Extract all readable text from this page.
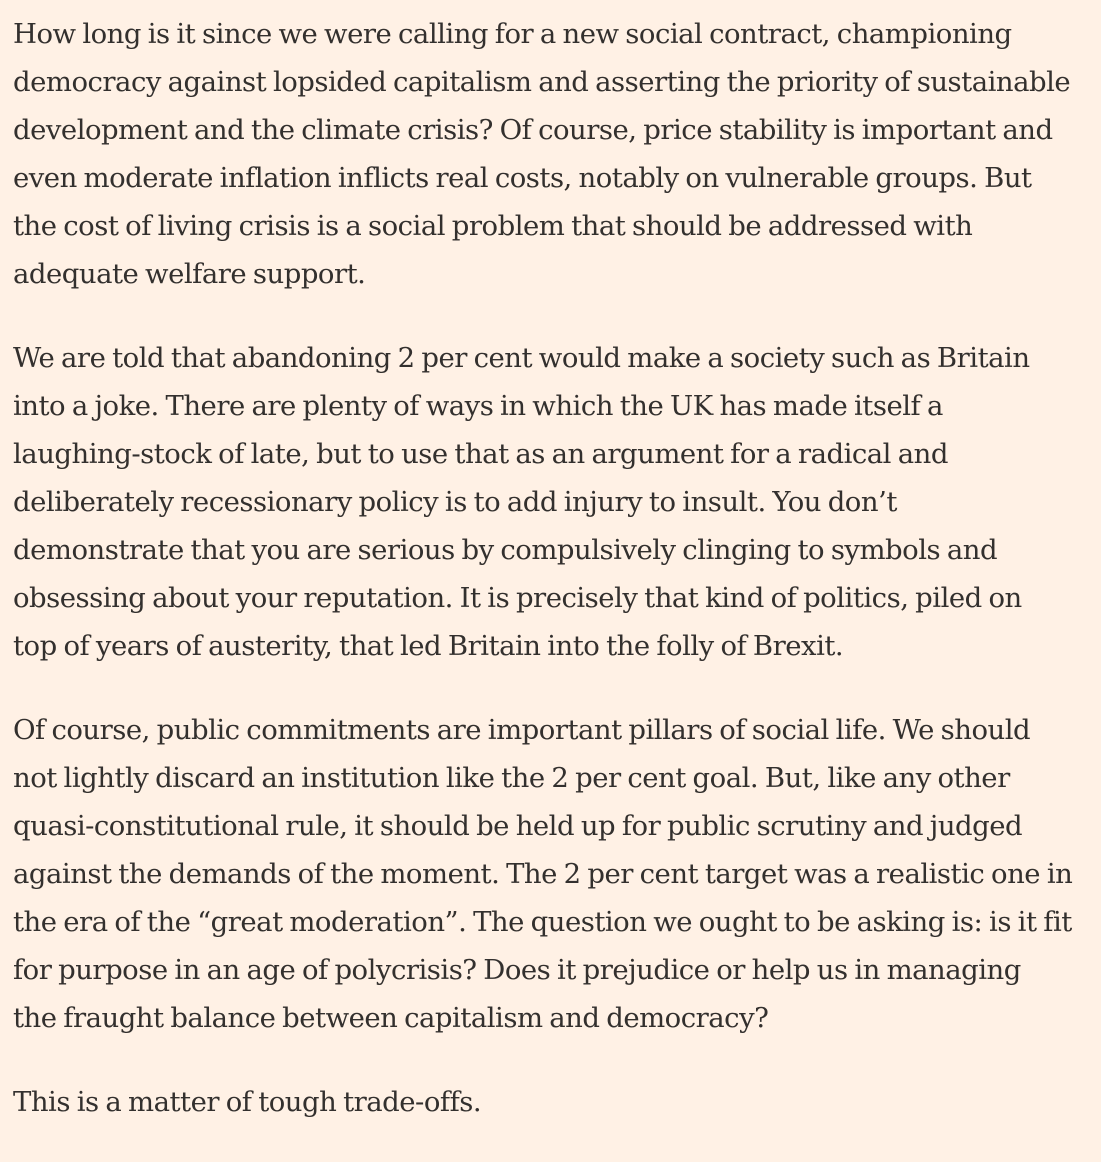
How long is it since we were calling for a new social contract, championing
democracy against lopsided capitalism and asserting the priority of sustainable
development and the climate crisis? Of course, price stability is important and
even moderate inflation inflicts real costs, notably on vulnerable groups. But
the cost of living crisis is a social problem that should be addressed with
adequate welfare support.

We are told that abandoning 2 per cent would make a society such as Britain
into a joke. There are plenty of ways in which the UK has made itself a
laughing-stock of late, but to use that as an argument for a radical and
deliberately recessionary policy is to add injury to insult. You don’t
demonstrate that you are serious by compulsively clinging to symbols and
obsessing about your reputation. It is precisely that kind of politics, piled on
top of years of austerity, that led Britain into the folly of Brexit.

Of course, public commitments are important pillars of social life. We should
not lightly discard an institution like the 2 per cent goal. But, like any other
quasi-constitutional rule, it should be held up for public scrutiny and judged
against the demands of the moment. The 2 per cent target was a realistic one in
the era of the “great moderation”. The question we ought to be asking is: is it fit
for purpose in an age of polycrisis? Does it prejudice or help us in managing
the fraught balance between capitalism and democracy?

This is a matter of tough trade-offs.
